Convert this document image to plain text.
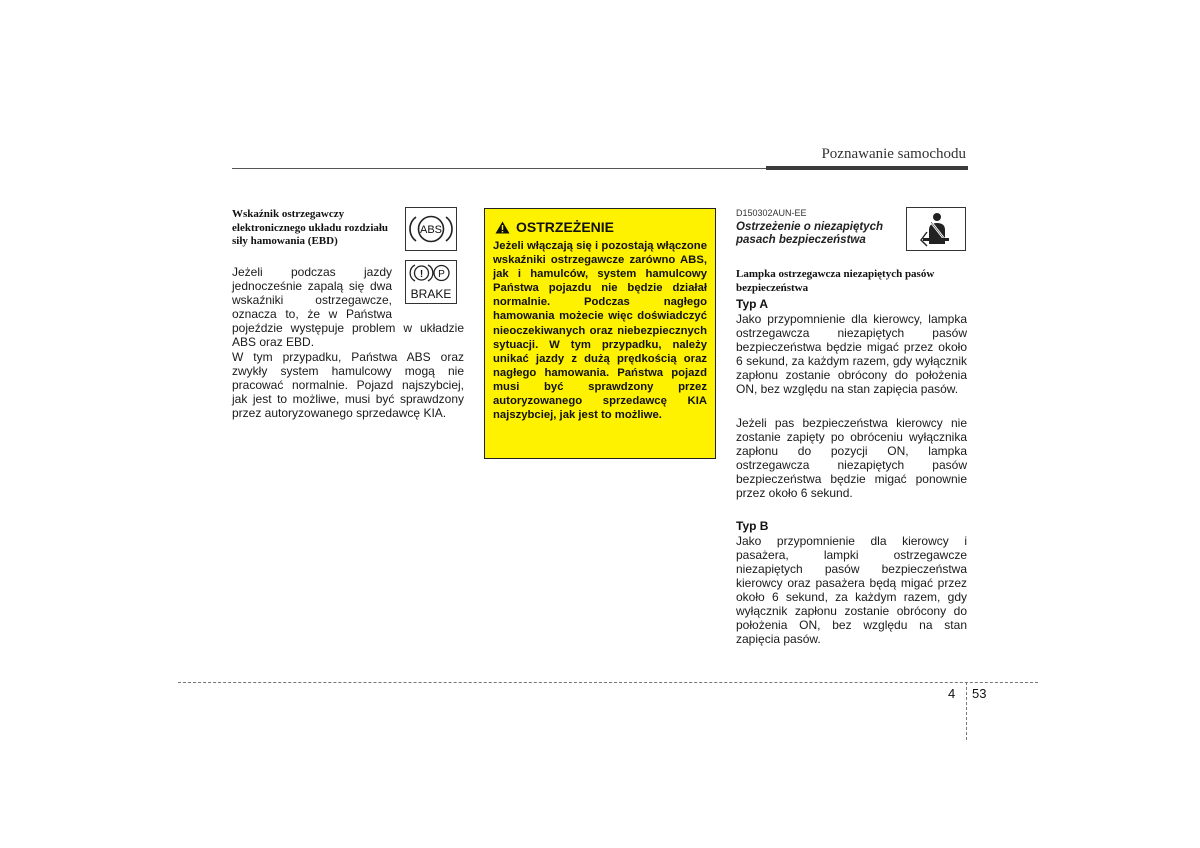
Poznawanie samochodu
Wskaźnik ostrzegawczy elektronicznego układu rozdziału siły hamowania (EBD)
ABS
! P
BRAKE
Jeżeli podczas jazdy jednocześnie zapalą się dwa wskaźniki ostrzegawcze, oznacza to, że w Państwa pojeździe występuje problem w układzie ABS oraz EBD.
W tym przypadku, Państwa ABS oraz zwykły system hamulcowy mogą nie pracować normalnie. Pojazd najszybciej, jak jest to możliwe, musi być sprawdzony przez autoryzowanego sprzedawcę KIA.
OSTRZEŻENIE
Jeżeli włączają się i pozostają włączone wskaźniki ostrzegawcze zarówno ABS, jak i hamulców, system hamulcowy Państwa pojazdu nie będzie działał normalnie. Podczas nagłego hamowania możecie więc doświadczyć nieoczekiwanych oraz niebezpiecznych sytuacji. W tym przypadku, należy unikać jazdy z dużą prędkością oraz nagłego hamowania. Państwa pojazd musi być sprawdzony przez autoryzowanego sprzedawcę KIA najszybciej, jak jest to możliwe.
D150302AUN-EE
Ostrzeżenie o niezapiętych pasach bezpieczeństwa
Lampka ostrzegawcza niezapiętych pasów bezpieczeństwa
Typ A
Jako przypomnienie dla kierowcy, lampka ostrzegawcza niezapiętych pasów bezpieczeństwa będzie migać przez około 6 sekund, za każdym razem, gdy wyłącznik zapłonu zostanie obrócony do położenia ON, bez względu na stan zapięcia pasów.
Jeżeli pas bezpieczeństwa kierowcy nie zostanie zapięty po obróceniu wyłącznika zapłonu do pozycji ON, lampka ostrzegawcza niezapiętych pasów bezpieczeństwa będzie migać ponownie przez około 6 sekund.
Typ B
Jako przypomnienie dla kierowcy i pasażera, lampki ostrzegawcze niezapiętych pasów bezpieczeństwa kierowcy oraz pasażera będą migać przez około 6 sekund, za każdym razem, gdy wyłącznik zapłonu zostanie obrócony do położenia ON, bez względu na stan zapięcia pasów.
4 53
